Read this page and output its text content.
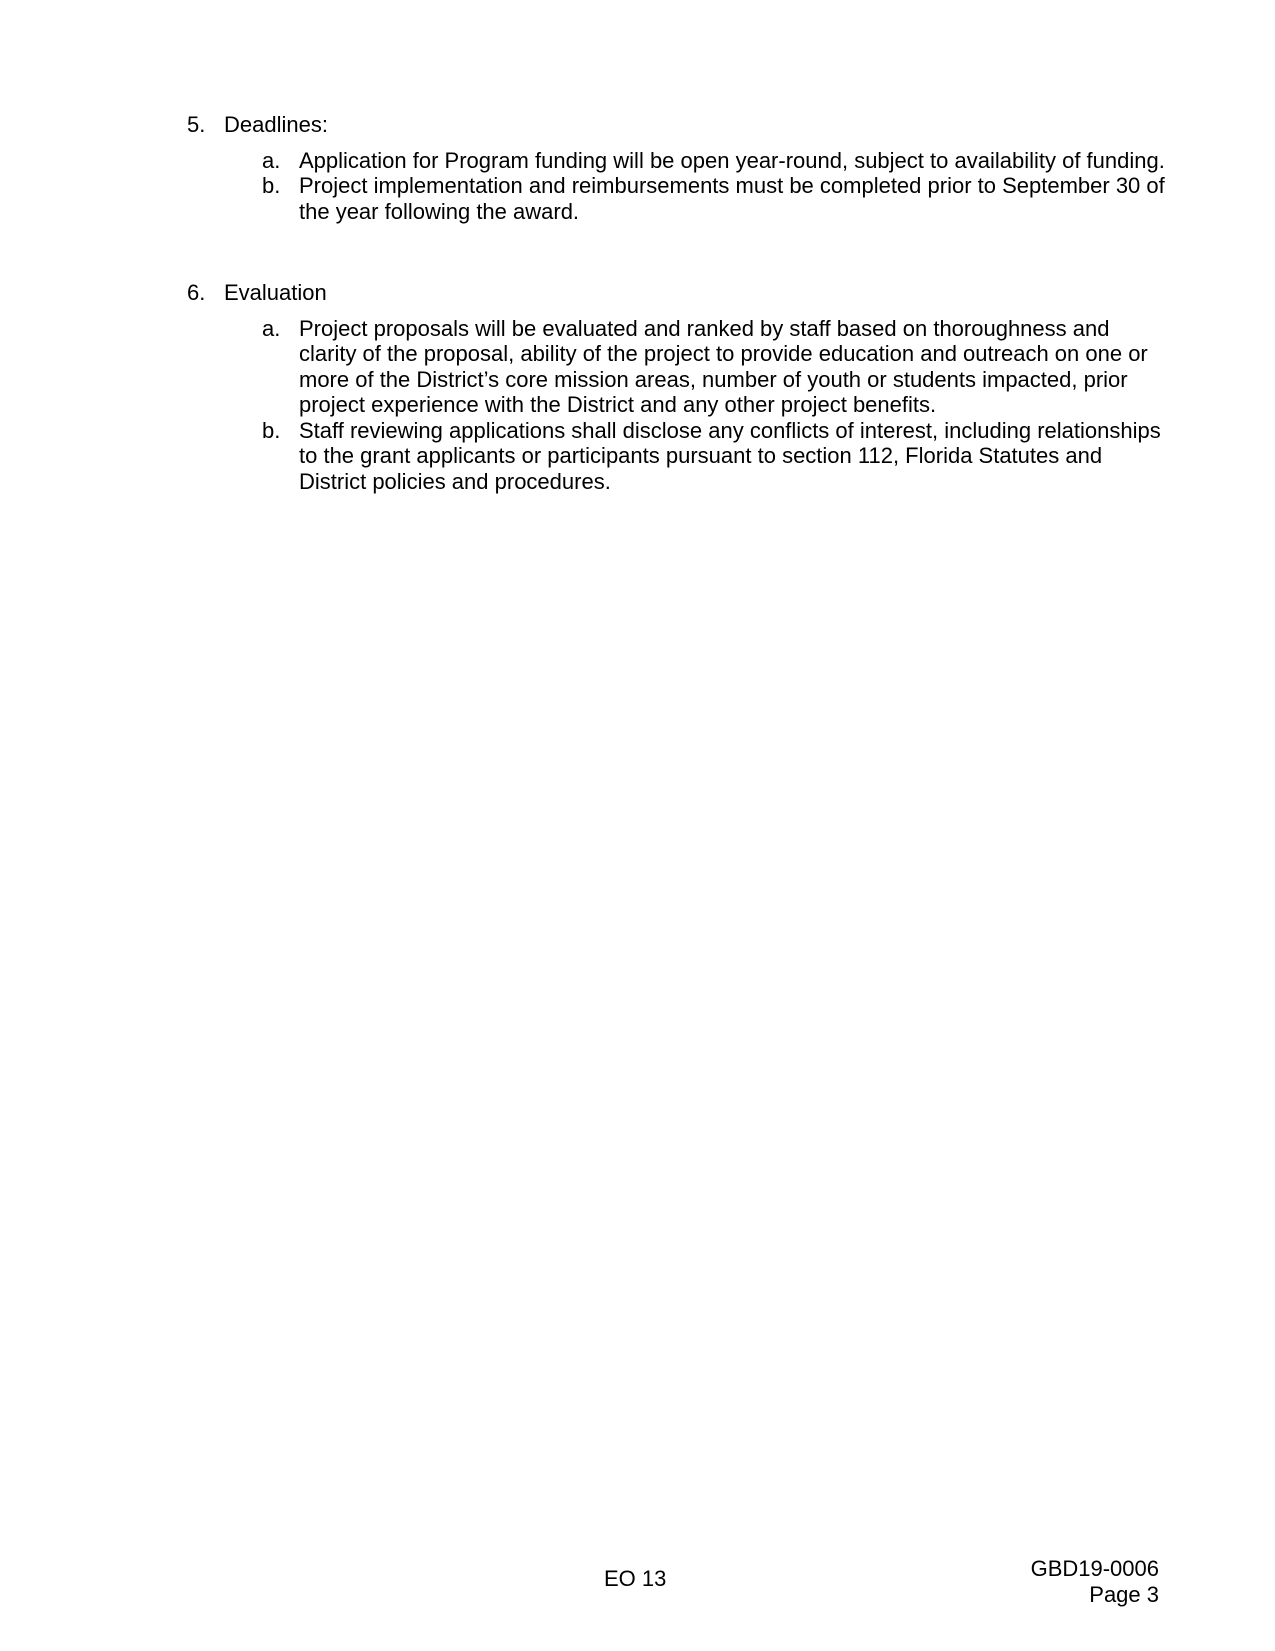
5. Deadlines:
a. Application for Program funding will be open year-round, subject to availability of funding.
b. Project implementation and reimbursements must be completed prior to September 30 of the year following the award.
6. Evaluation
a. Project proposals will be evaluated and ranked by staff based on thoroughness and clarity of the proposal, ability of the project to provide education and outreach on one or more of the District’s core mission areas, number of youth or students impacted, prior project experience with the District and any other project benefits.
b. Staff reviewing applications shall disclose any conflicts of interest, including relationships to the grant applicants or participants pursuant to section 112, Florida Statutes and District policies and procedures.
EO 13	GBD19-0006
Page 3
